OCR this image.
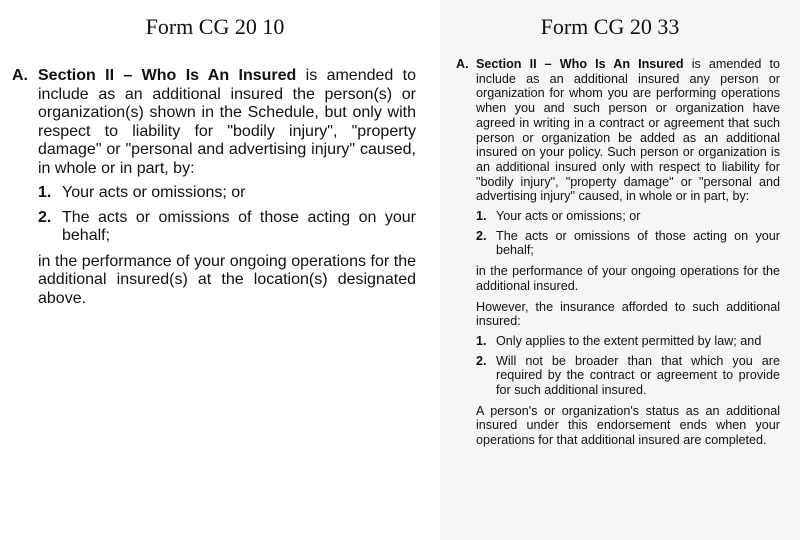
Form CG 20 10
A. Section II – Who Is An Insured is amended to include as an additional insured the person(s) or organization(s) shown in the Schedule, but only with respect to liability for "bodily injury", "property damage" or "personal and advertising injury" caused, in whole or in part, by:
1. Your acts or omissions; or
2. The acts or omissions of those acting on your behalf;
in the performance of your ongoing operations for the additional insured(s) at the location(s) designated above.
Form CG 20 33
A. Section II – Who Is An Insured is amended to include as an additional insured any person or organization for whom you are performing operations when you and such person or organization have agreed in writing in a contract or agreement that such person or organization be added as an additional insured on your policy. Such person or organization is an additional insured only with respect to liability for "bodily injury", "property damage" or "personal and advertising injury" caused, in whole or in part, by:
1. Your acts or omissions; or
2. The acts or omissions of those acting on your behalf;
in the performance of your ongoing operations for the additional insured.
However, the insurance afforded to such additional insured:
1. Only applies to the extent permitted by law; and
2. Will not be broader than that which you are required by the contract or agreement to provide for such additional insured.
A person's or organization's status as an additional insured under this endorsement ends when your operations for that additional insured are completed.
